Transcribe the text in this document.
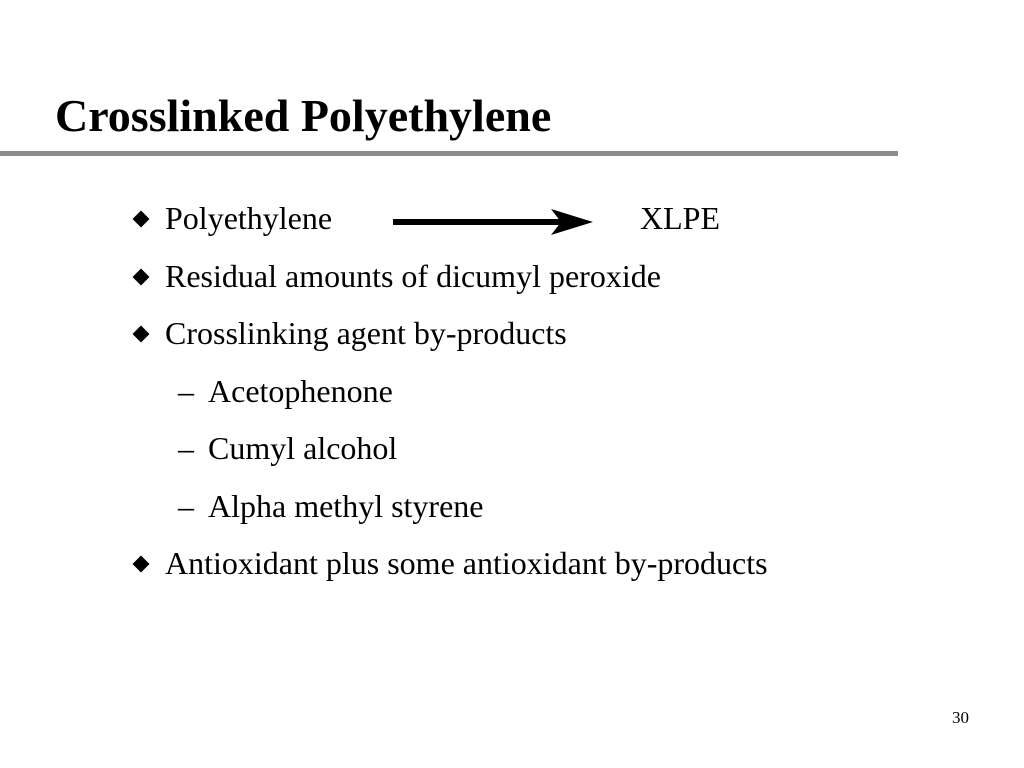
Crosslinked Polyethylene
Polyethylene	XLPE
Residual amounts of dicumyl peroxide
Crosslinking agent by-products
– Acetophenone
– Cumyl alcohol
– Alpha methyl styrene
Antioxidant plus some antioxidant by-products
30
